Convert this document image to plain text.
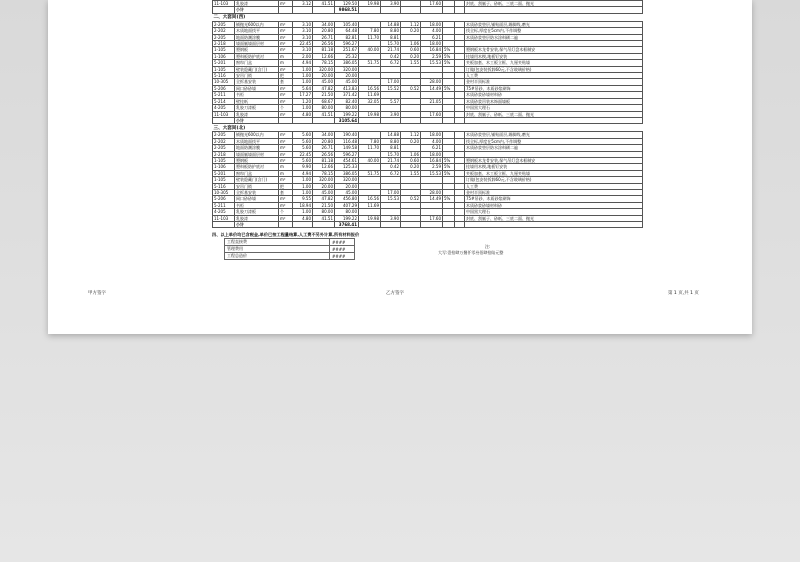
11-103	乳胶漆	m²	3.12	41.51	129.50	19.98	3.90		17.60			封底、刮腻子、砂纸、三底二面、抛光
	小计				9868.51							
二、大套间(西)												
2-205	铺抛光600以内	m²	3.10	34.00	105.40		14.88	1.12	18.00			木质砂浆垫层,铺贴面层,踢脚线,磨光
2-202	木质地面找平	m²	3.10	20.80	64.48	7.80	8.80	0.20	4.00			找全标,厚度在5cm内,不作调整
2-205	地面防潮涂膜	m²	3.10	26.71	82.81	11.70	8.81		6.21			木质砂浆垫层防水涂料刷二遍
2-218	墙面腻墙面层材	m²	22.45	26.56	596.27		15.70	1.06	18.00			
1-105	塑钢板	m²	3.10	81.18	251.67	40.00	21.74	0.60	16.84	5%		塑钢板木龙骨安装,保气吊灯盘木框制安
1-106	塑料板防护底衬	m	2.00	12.66	25.32		0.42	0.20	2.59	5%		挂墙用木楔,地板钉安装
5-201	窗帘门盒	m	4.94	78.15	386.05	51.75	6.72	1.55	15.53	5%		夹板加套、木工板立框、九厘夹贴墙
1-105	壁装隐藏门(含门)	m²	1.00	320.00	320.00							订做(包安装拆卸60元,不含玻璃价格)
5-116	安吊门锁	把	1.00	20.00	20.00							人工费
10-305	全拆基安装	套	1.00	45.00	45.00		17.00		28.00			金村半顶标准
5-206	网口砂砂墙	m²	5.64	47.82	413.83	16.56	15.52	0.52	14.49	5%		75#吊砂、木质砂浆刷饰
5-211	书柜	m²	17.27	21.50	371.42	11.69						木质砂浆砂墙材料砂
5-214	壁挂纸	m²	1.20	68.67	82.40	32.05	5.57		21.05			木质砂浆吊装木饰面墙板
4-205	乳胶刀漆板	个	1.00	80.00	80.00							中国黑大理石
11-103	乳胶漆	m²	4.80	41.51	199.22	19.98	3.90		17.60			封底、刮腻子、砂纸、三底二面、抛光
	小计				3105.64							
三、大套间(北)												
2-205	铺抛光600以内	m²	5.60	34.00	190.40		14.88	1.12	18.00			木质砂浆垫层,铺贴面层,踢脚线,磨光
2-202	木质地面找平	m²	5.60	20.80	116.48	7.80	8.80	0.20	4.00			找全标,厚度在5cm内,不作调整
2-205	地面防潮涂膜	m²	5.60	26.71	149.58	11.70	8.81		6.21			木质砂浆垫层防水涂料刷二遍
2-218	墙面腻墙面层材	m²	22.45	26.56	596.27		15.70	1.06	18.00			
1-105	塑钢板	m²	5.60	81.18	454.61	40.00	21.74	0.60	16.84	5%		塑钢板木龙骨安装,保气吊灯盘木框制安
1-106	塑料板防护底衬	m	9.90	12.66	125.33		0.42	0.20	2.59	5%		挂墙用木楔,地板钉安装
5-201	窗帘门盒	m	4.94	78.15	386.05	51.75	6.72	1.55	15.53	5%		夹板加套、木工板立框、九厘夹贴墙
1-105	壁装隐藏门(含门)	m²	1.00	320.00	320.00							订做(包安装拆卸60元,不含玻璃价格)
5-116	安吊门锁	把	1.00	20.00	20.00							人工费
10-305	全拆基安装	套	1.00	45.00	45.00		17.00		28.00			金村半顶标准
5-206	网口砂砂墙	m²	9.55	47.82	456.80	16.56	15.53	0.52	14.49	5%		75#吊砂、木质砂浆刷饰
5-211	书柜	m²	18.94	21.50	407.29	11.69						木质砂浆砂墙材料砂
4-205	乳胶刀漆板	个	1.00	80.00	80.00							中国黑大理石
11-103	乳胶漆	m²	4.80	41.51	199.22	19.98	3.90		17.60			封底、刮腻子、砂纸、三底二面、抛光
	小计				3768.41							
四、以上单价均已含税金,单价已按工程量结算,人工费不另外计算,所有材料报价
工程直接费	####
管理费用	####
工程总造价	####
注:
大写:壹拾肆万捌仟零叁佰肆拾陆元整
甲方签字	乙方签字	第 1 页,共 1 页
